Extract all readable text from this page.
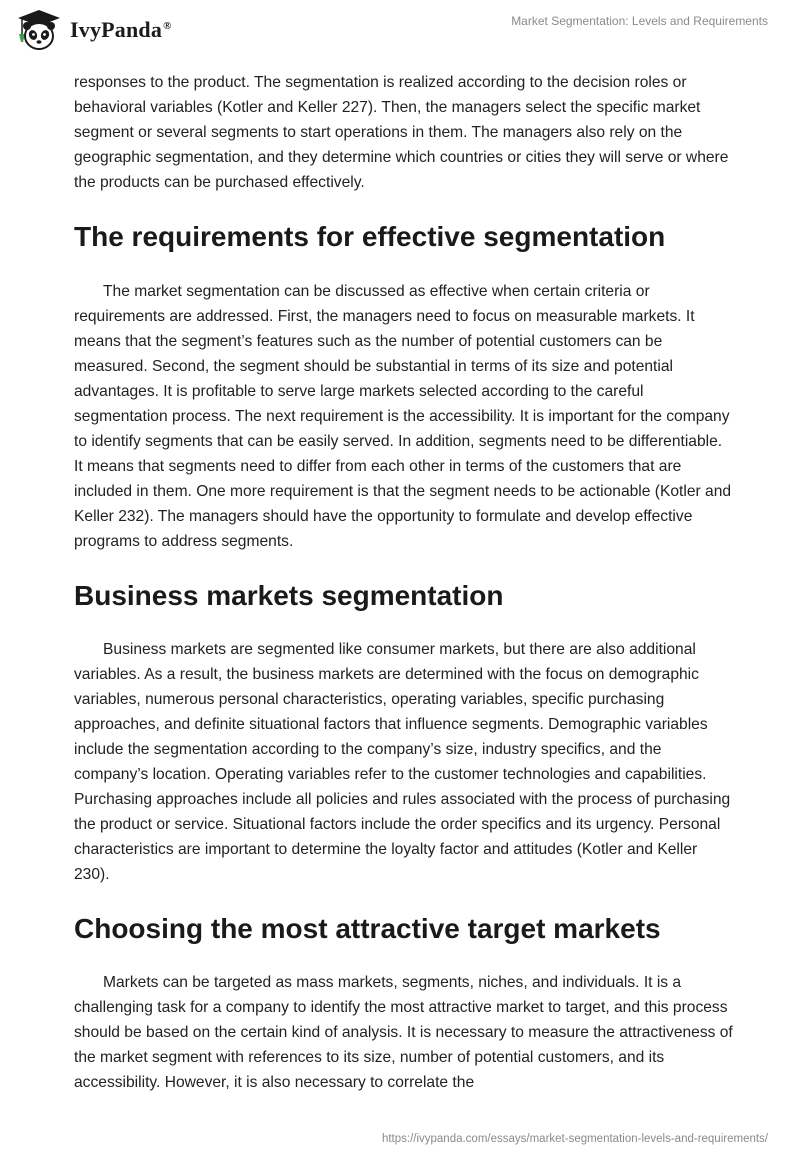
IvyPanda®	Market Segmentation: Levels and Requirements

responses to the product. The segmentation is realized according to the decision roles or behavioral variables (Kotler and Keller 227). Then, the managers select the specific market segment or several segments to start operations in them. The managers also rely on the geographic segmentation, and they determine which countries or cities they will serve or where the products can be purchased effectively.

The requirements for effective segmentation

The market segmentation can be discussed as effective when certain criteria or requirements are addressed. First, the managers need to focus on measurable markets. It means that the segment’s features such as the number of potential customers can be measured. Second, the segment should be substantial in terms of its size and potential advantages. It is profitable to serve large markets selected according to the careful segmentation process. The next requirement is the accessibility. It is important for the company to identify segments that can be easily served. In addition, segments need to be differentiable. It means that segments need to differ from each other in terms of the customers that are included in them. One more requirement is that the segment needs to be actionable (Kotler and Keller 232). The managers should have the opportunity to formulate and develop effective programs to address segments.

Business markets segmentation

Business markets are segmented like consumer markets, but there are also additional variables. As a result, the business markets are determined with the focus on demographic variables, numerous personal characteristics, operating variables, specific purchasing approaches, and definite situational factors that influence segments. Demographic variables include the segmentation according to the company’s size, industry specifics, and the company’s location. Operating variables refer to the customer technologies and capabilities. Purchasing approaches include all policies and rules associated with the process of purchasing the product or service. Situational factors include the order specifics and its urgency. Personal characteristics are important to determine the loyalty factor and attitudes (Kotler and Keller 230).

Choosing the most attractive target markets

Markets can be targeted as mass markets, segments, niches, and individuals. It is a challenging task for a company to identify the most attractive market to target, and this process should be based on the certain kind of analysis. It is necessary to measure the attractiveness of the market segment with references to its size, number of potential customers, and its accessibility. However, it is also necessary to correlate the

https://ivypanda.com/essays/market-segmentation-levels-and-requirements/
